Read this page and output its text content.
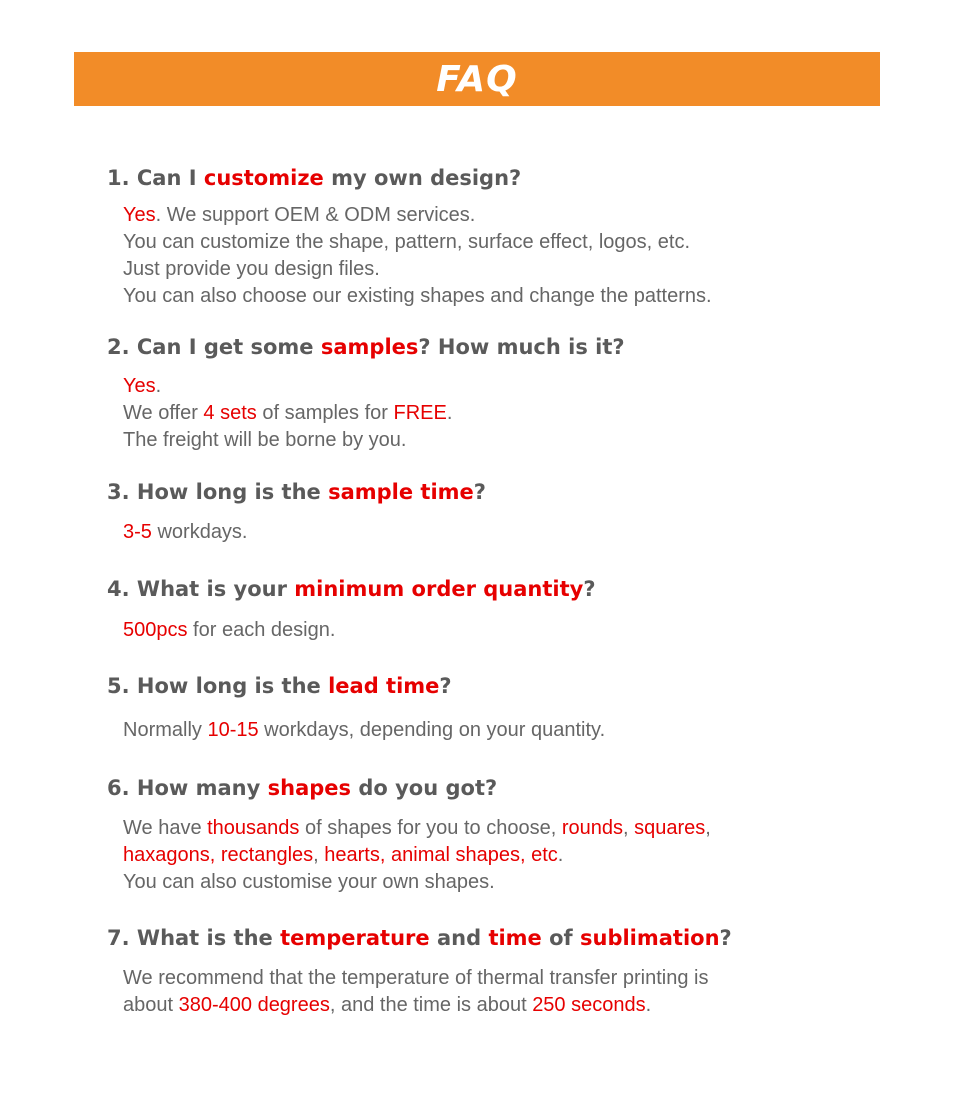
FAQ
1. Can I customize my own design?
Yes. We support OEM & ODM services.
You can customize the shape, pattern, surface effect, logos, etc.
Just provide you design files.
You can also choose our existing shapes and change the patterns.
2. Can I get some samples? How much is it?
Yes.
We offer 4 sets of samples for FREE.
The freight will be borne by you.
3. How long is the sample time?
3-5 workdays.
4. What is your minimum order quantity?
500pcs for each design.
5. How long is the lead time?
Normally 10-15 workdays, depending on your quantity.
6. How many shapes do you got?
We have thousands of shapes for you to choose, rounds, squares,
haxagons, rectangles, hearts, animal shapes, etc.
You can also customise your own shapes.
7. What is the temperature and time of sublimation?
We recommend that the temperature of thermal transfer printing is
about 380-400 degrees, and the time is about 250 seconds.
